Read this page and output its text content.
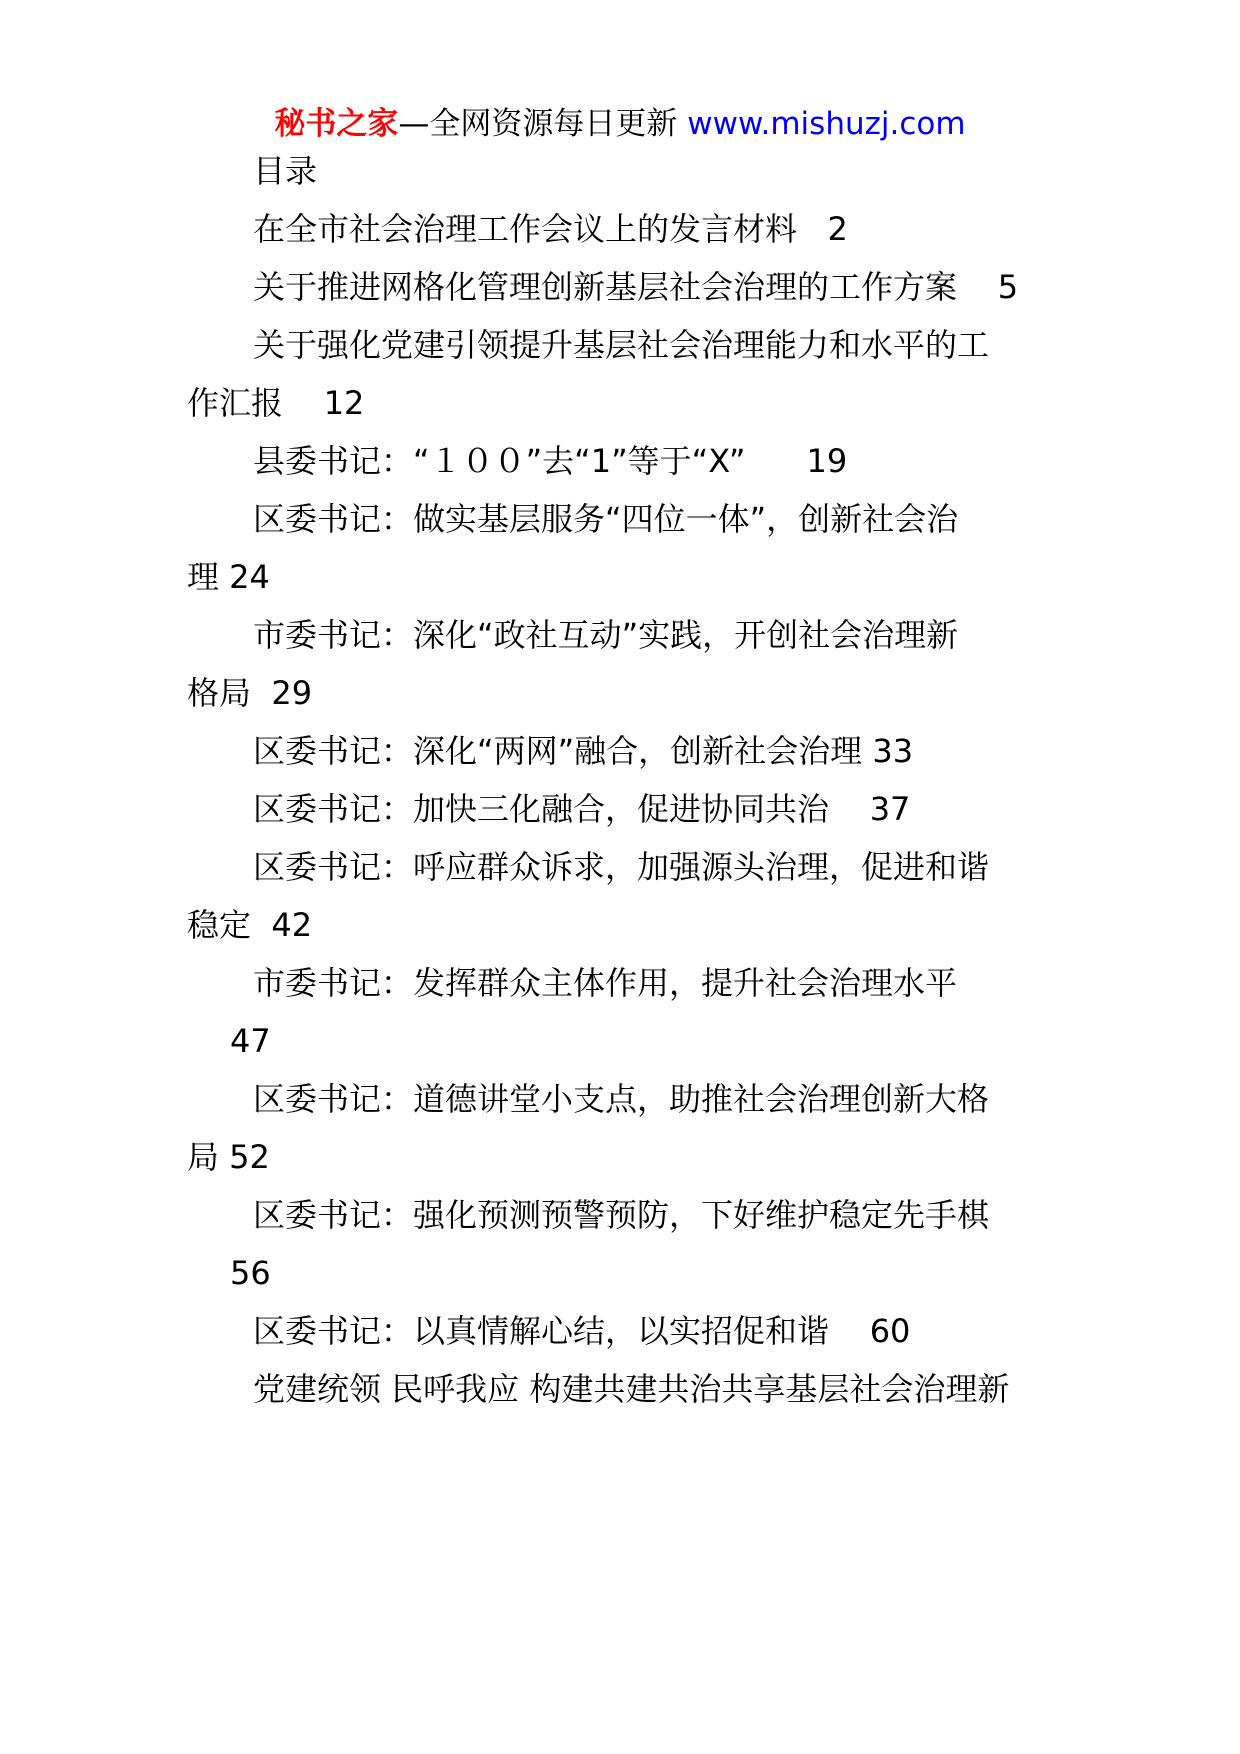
秘书之家—全网资源每日更新 www.mishuzj.com
目录
在全市社会治理工作会议上的发言材料   2
关于推进网格化管理创新基层社会治理的工作方案    5
关于强化党建引领提升基层社会治理能力和水平的工
作汇报    12
县委书记：“１００”去“1”等于“X”      19
区委书记：做实基层服务“四位一体”，创新社会治
理 24
市委书记：深化“政社互动”实践，开创社会治理新
格局  29
区委书记：深化“两网”融合，创新社会治理 33
区委书记：加快三化融合，促进协同共治    37
区委书记：呼应群众诉求，加强源头治理，促进和谐
稳定  42
市委书记：发挥群众主体作用，提升社会治理水平
47
区委书记：道德讲堂小支点，助推社会治理创新大格
局 52
区委书记：强化预测预警预防，下好维护稳定先手棋
56
区委书记：以真情解心结，以实招促和谐    60
党建统领 民呼我应 构建共建共治共享基层社会治理新
